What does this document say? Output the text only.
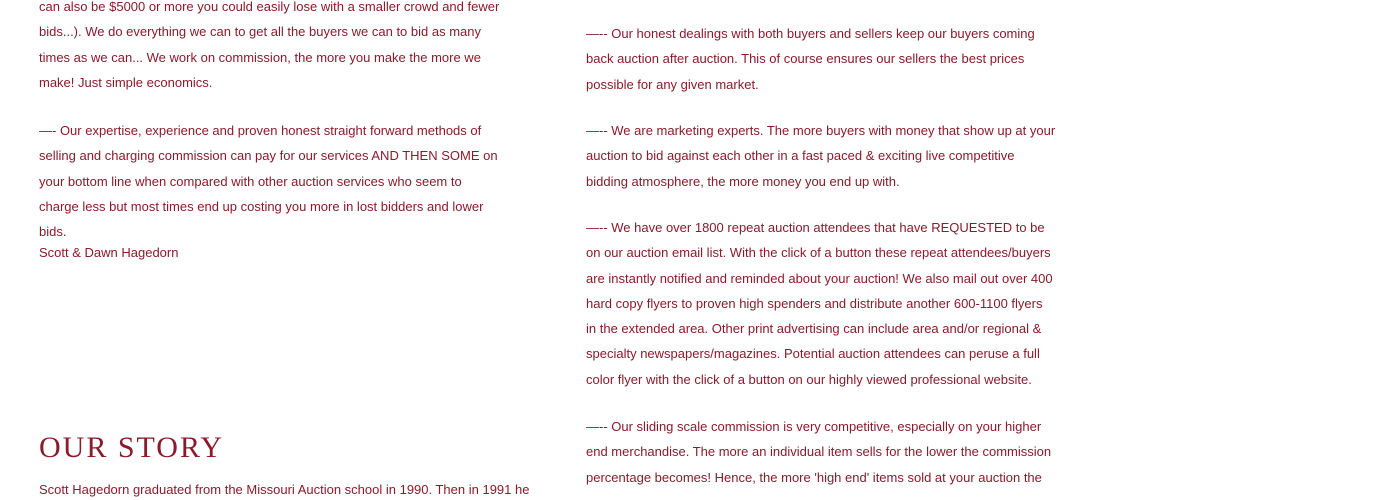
can also be $5000 or more you could easily lose with a smaller crowd and fewer bids...). We do everything we can to get all the buyers we can to bid as many times as we can... We work on commission, the more you make the more we make! Just simple economics.

—- Our expertise, experience and proven honest straight forward methods of selling and charging commission can pay for our services AND THEN SOME on your bottom line when compared with other auction services who seem to charge less but most times end up costing you more in lost bidders and lower bids.

Scott & Dawn Hagedorn

Scott Hagedorn graduated from the Missouri Auction school in 1990. Then in 1991 he

OUR STORY

—-- Our honest dealings with both buyers and sellers keep our buyers coming back auction after auction. This of course ensures our sellers the best prices possible for any given market.

—-- We are marketing experts. The more buyers with money that show up at your auction to bid against each other in a fast paced & exciting live competitive bidding atmosphere, the more money you end up with.

—-- We have over 1800 repeat auction attendees that have REQUESTED to be on our auction email list. With the click of a button these repeat attendees/buyers are instantly notified and reminded about your auction! We also mail out over 400 hard copy flyers to proven high spenders and distribute another 600-1100 flyers in the extended area. Other print advertising can include area and/or regional & specialty newspapers/magazines. Potential auction attendees can peruse a full color flyer with the click of a button on our highly viewed professional website.

—-- Our sliding scale commission is very competitive, especially on your higher end merchandise. The more an individual item sells for the lower the commission percentage becomes! Hence, the more 'high end' items sold at your auction the
